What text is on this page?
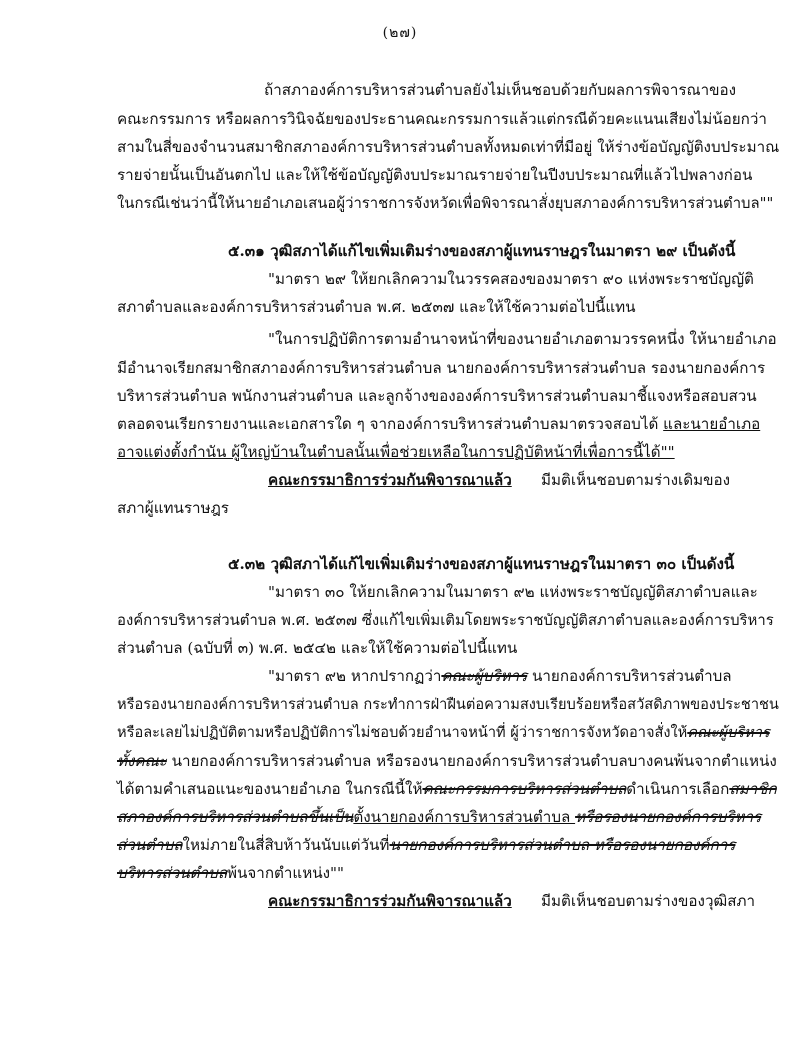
(๒๗)
ถ้าสภาองค์การบริหารส่วนตำบลยังไม่เห็นชอบด้วยกับผลการพิจารณาของ
คณะกรรมการ หรือผลการวินิจฉัยของประธานคณะกรรมการแล้วแต่กรณีด้วยคะแนนเสียงไม่น้อยกว่า
สามในสี่ของจำนวนสมาชิกสภาองค์การบริหารส่วนตำบลทั้งหมดเท่าที่มีอยู่ ให้ร่างข้อบัญญัติงบประมาณ
รายจ่ายนั้นเป็นอันตกไป และให้ใช้ข้อบัญญัติงบประมาณรายจ่ายในปีงบประมาณที่แล้วไปพลางก่อน
ในกรณีเช่นว่านี้ให้นายอำเภอเสนอผู้ว่าราชการจังหวัดเพื่อพิจารณาสั่งยุบสภาองค์การบริหารส่วนตำบล""
๕.๓๑ วุฒิสภาได้แก้ไขเพิ่มเติมร่างของสภาผู้แทนราษฎรในมาตรา ๒๙ เป็นดังนี้
"มาตรา ๒๙ ให้ยกเลิกความในวรรคสองของมาตรา ๙๐ แห่งพระราชบัญญัติ
สภาตำบลและองค์การบริหารส่วนตำบล พ.ศ. ๒๕๓๗ และให้ใช้ความต่อไปนี้แทน
"ในการปฏิบัติการตามอำนาจหน้าที่ของนายอำเภอตามวรรคหนึ่ง ให้นายอำเภอ
มีอำนาจเรียกสมาชิกสภาองค์การบริหารส่วนตำบล นายกองค์การบริหารส่วนตำบล รองนายกองค์การ
บริหารส่วนตำบล พนักงานส่วนตำบล และลูกจ้างขององค์การบริหารส่วนตำบลมาชี้แจงหรือสอบสวน
ตลอดจนเรียกรายงานและเอกสารใด ๆ จากองค์การบริหารส่วนตำบลมาตรวจสอบได้ และนายอำเภอ
อาจแต่งตั้งกำนัน ผู้ใหญ่บ้านในตำบลนั้นเพื่อช่วยเหลือในการปฏิบัติหน้าที่เพื่อการนี้ได้""
คณะกรรมาธิการร่วมกันพิจารณาแล้ว มีมติเห็นชอบตามร่างเดิมของ
สภาผู้แทนราษฎร
๕.๓๒ วุฒิสภาได้แก้ไขเพิ่มเติมร่างของสภาผู้แทนราษฎรในมาตรา ๓๐ เป็นดังนี้
"มาตรา ๓๐ ให้ยกเลิกความในมาตรา ๙๒ แห่งพระราชบัญญัติสภาตำบลและ
องค์การบริหารส่วนตำบล พ.ศ. ๒๕๓๗ ซึ่งแก้ไขเพิ่มเติมโดยพระราชบัญญัติสภาตำบลและองค์การบริหาร
ส่วนตำบล (ฉบับที่ ๓) พ.ศ. ๒๕๔๒ และให้ใช้ความต่อไปนี้แทน
"มาตรา ๙๒ หากปรากฏว่าคณะผู้บริหาร นายกองค์การบริหารส่วนตำบล
หรือรองนายกองค์การบริหารส่วนตำบล กระทำการฝ่าฝืนต่อความสงบเรียบร้อยหรือสวัสดิภาพของประชาชน
หรือละเลยไม่ปฏิบัติตามหรือปฏิบัติการไม่ชอบด้วยอำนาจหน้าที่ ผู้ว่าราชการจังหวัดอาจสั่งให้คณะผู้บริหาร
ทั้งคณะ นายกองค์การบริหารส่วนตำบล หรือรองนายกองค์การบริหารส่วนตำบลบางคนพ้นจากตำแหน่ง
ได้ตามคำเสนอแนะของนายอำเภอ ในกรณีนี้ให้คณะกรรมการบริหารส่วนตำบลดำเนินการเลือกสมาชิก
สภาองค์การบริหารส่วนตำบลขึ้นเป็นตั้งนายกองค์การบริหารส่วนตำบล หรือรองนายกองค์การบริหาร
ส่วนตำบลใหม่ภายในสี่สิบห้าวันนับแต่วันที่นายกองค์การบริหารส่วนตำบล หรือรองนายกองค์การ
บริหารส่วนตำบลพ้นจากตำแหน่ง""
คณะกรรมาธิการร่วมกันพิจารณาแล้ว มีมติเห็นชอบตามร่างของวุฒิสภา
